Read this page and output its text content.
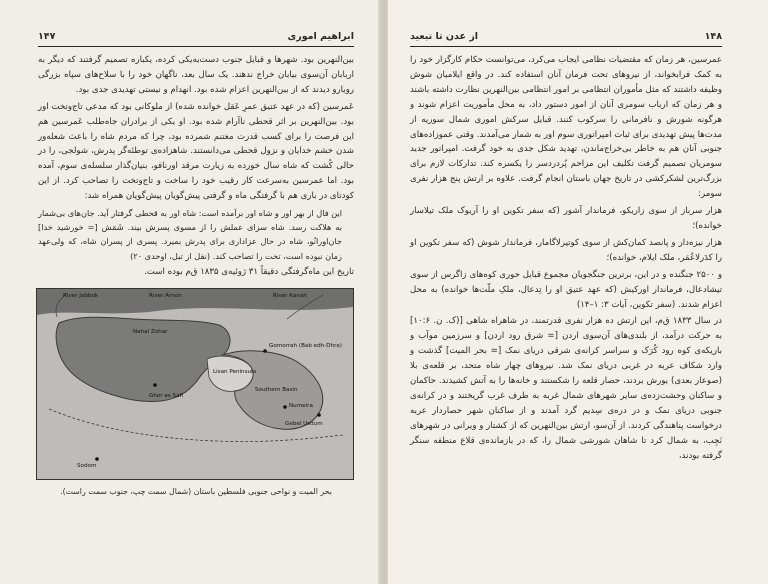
ابراهیم اموری
۱۴۷

بین‌النهرین بود. شهرها و قبایل جنوب دست‌به‌یکی کرده، یکباره تصمیم گرفتند که دیگر به اربابان آن‌سوی بیابان خراج ندهند. یک سال بعد، ناگهان خود را با سلاح‌های سپاه بزرگی رویارو دیدند که از بین‌النهرین اعزام شده بود. انهدام و نیستی تهدیدی جدی بود.

عَمرسین (که در عهد عتیق عمرِ عَقل خوانده شده) از ملوکانی بود که مدعی تاج‌وتخت اور بود. بین‌النهرین بر اثر قحطی ناآرام شده بود. او یکی از برادران جاه‌طلب عَمرسین هم این فرصت را برای کسب قدرت مغتنم شمرده بود، چرا که مردم شاه را باعث شعله‌ور شدن خشم خدایان و نزول قحطی می‌دانستند. شاهزاده‌ی توطئه‌گر پدرش، شولجی، را در حالی کُشت که شاه سال خورده به زیارت مرقد اورنافو، بنیان‌گذار سلسله‌ی سوم، آمده بود. اما عمرسین به‌سرعت کار رقیب خود را ساخت و تاج‌وتخت را تصاحب کرد. از این کودتای در باری هم با گرفتگی ماه و گرفتی پیش‌گویان پیش‌گویان همراه شد:

این فال از بهر اور و شاه اور برآمده است: شاه اور به قحطی گرفتار آید. جان‌های بی‌شمار به هلاکت رسد. شاه سزای عملش را از مسوی پسرش بیند. شَمَش [= خورشید خدا] جان‌اورانُو، شاه در حال عزاداری برای پدرش بمیرد. پسری از پسران شاه، که ولی‌عهد زمان نبوده است، تخت را تصاحب کند. (نقل از تبل، اوحدی ۲۰)

تاریخ این ماه‌گرفتگی دقیقاً ۳۱ ژوئیه‌ی ۱۸۳۵ ق‌م بوده است.

River Jabbok	River Arnon	River Kanah
Nahal Zohar
Lisan Peninsula
Ghor es Safi
Southern Basin
Sodom
Gebel Usdum
Gomorrah (Bab edh-Dhra)
Numeira
بحر المیت و نواحی جنوبی فلسطین باستان (شمال سمت چپ، جنوب سمت راست).
۱۴۸
از عدن تا تبعید

عمرسین، هر زمان که مقتضیات نظامی ایجاب می‌کرد، می‌توانست حکام کارگزار خود را به کمک فرابخواند، از نیروهای تحت فرمان آنان استفاده کند. در واقع ایلامیان شوش وظیفه داشتند که مثل مأموران انتظامی بر امور انتظامی بین‌النهرین نظارت داشته باشند و هر زمان که ارباب سومری آنان از امور دستور داد، به محل مأموریت اعزام شوند و هرگونه شورش و نافرمانی را سرکوب کنند. قبایل سرکش اموری شمال سوریه از مدت‌ها پیش تهدیدی برای ثبات امپراتوری سوم اور به شمار می‌آمدند. وقتی عموزاده‌های جنوبی آنان هم به خاطر بی‌خراج‌ماندن، تهدید شکل جدی به خود گرفت. امپراتور جدید سومریان تصمیم گرفت تکلیف این مزاحم پُردردسر را یکسره کند. تدارکات لازم برای بزرگ‌ترین لشکرکشی در تاریخ جهان باستان انجام گرفت. علاوه بر ارتش پنج هزار نفری سومر:

هزار سرباز از سوی زاریکو، فرماندار آشور (که سفر تکوین او را آریوک ملک تیلاسار خوانده)؛

هزار نیزه‌دار و پانصد کمان‌کش از سوی کوتیرلاگامار، فرماندار شوش (که سفر تکوین او را کدَرلاعُمَر، ملک ایلام، خوانده)؛

و ۲۵۰۰ جنگنده و در این، برترین جنگجویان مجموع قبایل حوری کوه‌های زاگرس از سوی تیشادعال، فرماندار اورکیش (که عهد عتیق او را تِدعال، ملکِ ملّت‌ها خوانده) به محل اعزام شدند. (سفر تکوین، آیات ۳: ۱–۱۴)

در سال ۱۸۳۳ ق‌م، این ارتش ده هزار نفری قدرتمند، در شاهراه شاهی [(ک. ن. ۱۰:۶] به حرکت درآمد، از بلندی‌های آن‌سوی اردن [= شرق رود اردن] و سرزمین موآب و باریکه‌ی کوه رود کُرَک و سراسر کرانه‌ی شرقی دریای نمک [= بحر المیت] گذشت و وارد شکاف عربه در غربی دریای نمک شد. نیروهای چهار شاه متحد، بر قلعه‌ی بلا (صوعار بعدی) یورش بردند، حصار قلعه را شکستند و خانه‌ها را به آتش کشیدند. حاکمان و ساکنان وحشت‌زده‌ی سایر شهرهای شمال غربه به طرف غرب گریختند و در کرانه‌ی جنوبی دریای نمک و در دره‌ی سِدیم گرد آمدند و از ساکنان شهر حصاردار عربه درخواست پناهندگی کردند. از آن‌سو، ارتش بین‌النهرین که از کشتار و ویرانی در شهرهای نَجِب، به شمال کرد تا شاهان شورشی شمال را، که در بازمانده‌ی قلاع منطقه سنگر گرفته بودند،
